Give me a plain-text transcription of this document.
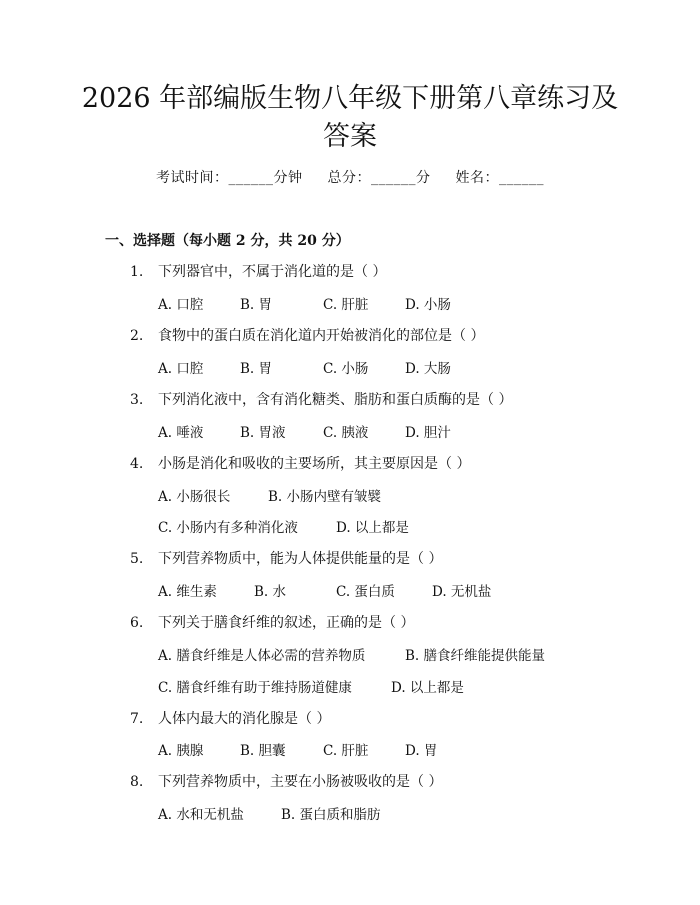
2026 年部编版生物八年级下册第八章练习及
答案
考试时间：______分钟 总分：______分 姓名：______
一、选择题（每小题 2 分，共 20 分）
1. 下列器官中，不属于消化道的是（ ）
A. 口腔	B. 胃	C. 肝脏	D. 小肠
2. 食物中的蛋白质在消化道内开始被消化的部位是（ ）
A. 口腔	B. 胃	C. 小肠	D. 大肠
3. 下列消化液中，含有消化糖类、脂肪和蛋白质酶的是（ ）
A. 唾液	B. 胃液	C. 胰液	D. 胆汁
4. 小肠是消化和吸收的主要场所，其主要原因是（ ）
A. 小肠很长	B. 小肠内壁有皱襞
C. 小肠内有多种消化液	D. 以上都是
5. 下列营养物质中，能为人体提供能量的是（ ）
A. 维生素	B. 水	C. 蛋白质	D. 无机盐
6. 下列关于膳食纤维的叙述，正确的是（ ）
A. 膳食纤维是人体必需的营养物质	B. 膳食纤维能提供能量
C. 膳食纤维有助于维持肠道健康	D. 以上都是
7. 人体内最大的消化腺是（ ）
A. 胰腺	B. 胆囊	C. 肝脏	D. 胃
8. 下列营养物质中，主要在小肠被吸收的是（ ）
A. 水和无机盐	B. 蛋白质和脂肪
